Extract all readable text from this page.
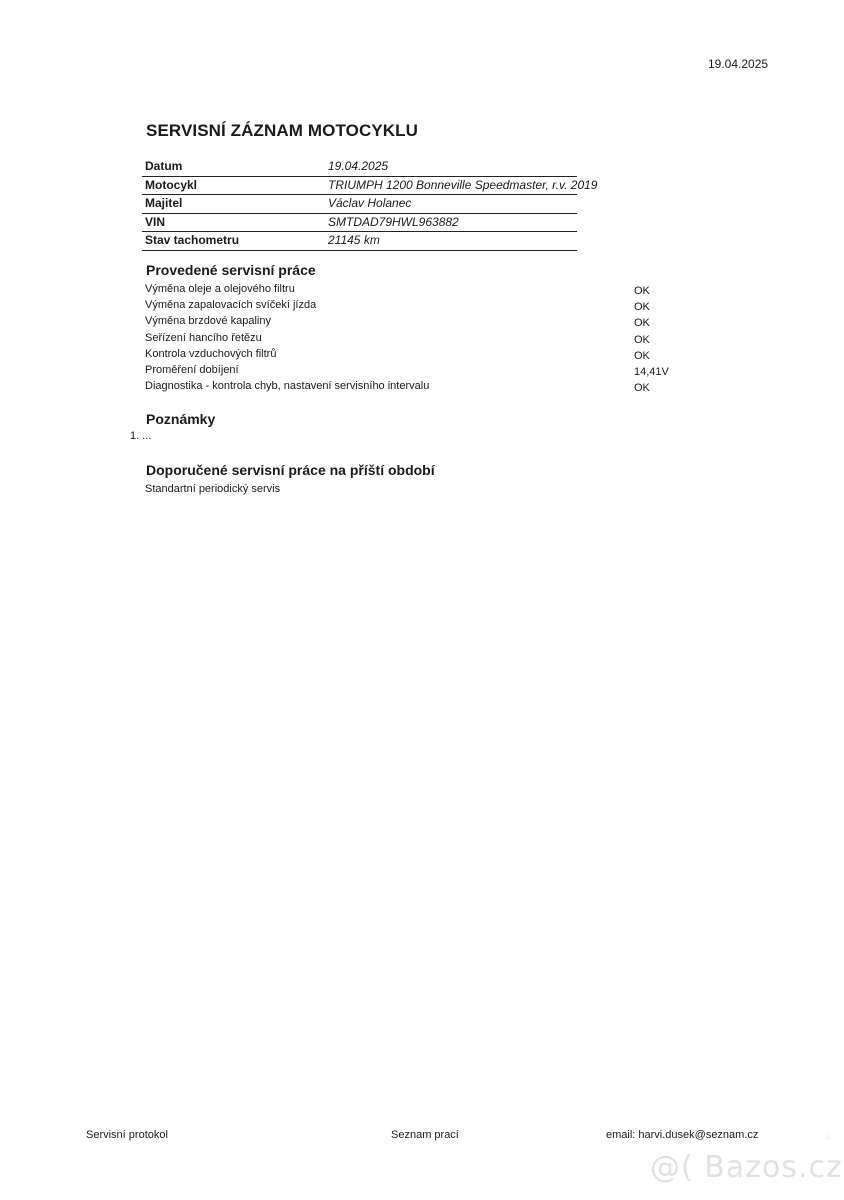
19.04.2025
SERVISNÍ ZÁZNAM MOTOCYKLU
Datum	19.04.2025
Motocykl	TRIUMPH 1200 Bonneville Speedmaster, r.v. 2019
Majitel	Václav Holanec
VIN	SMTDAD79HWL963882
Stav tachometru	21145 km
Provedené servisní práce
Výměna oleje a olejového filtru	OK
Výměna zapalovacích svíčekí jízda	OK
Výměna brzdové kapaliny	OK
Seřízení hancího řetězu	OK
Kontrola vzduchových filtrů	OK
Proměření dobíjení	14,41V
Diagnostika - kontrola chyb, nastavení servisního intervalu	OK
Poznámky
1. ...
Doporučené servisní práce na příští období
Standartní periodický servis
Servisní protokol	Seznam prací	email: harvi.dusek@seznam.cz
@( Bazos.cz
○
